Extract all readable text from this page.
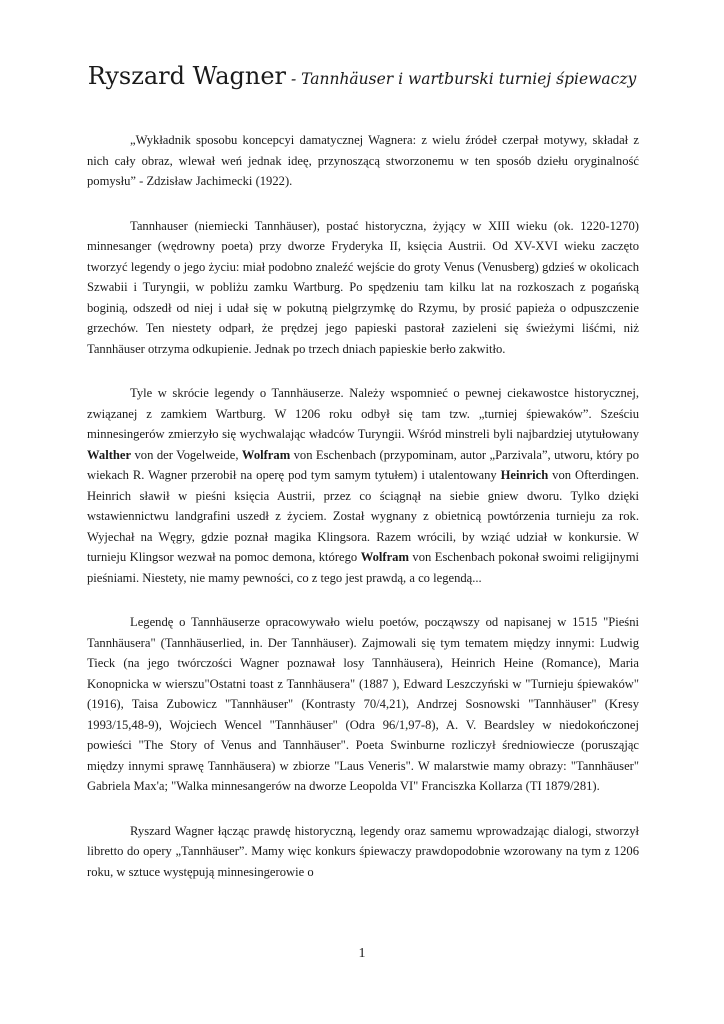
Ryszard Wagner - Tannhäuser i wartburski turniej śpiewaczy

„Wykładnik sposobu koncepcyi damatycznej Wagnera: z wielu źródeł czerpał motywy, składał z nich cały obraz, wlewał weń jednak ideę, przynoszącą stworzonemu w ten sposób dziełu oryginalność pomysłu” - Zdzisław Jachimecki (1922).

Tannhauser (niemiecki Tannhäuser), postać historyczna, żyjący w XIII wieku (ok. 1220-1270) minnesanger (wędrowny poeta) przy dworze Fryderyka II, księcia Austrii. Od XV-XVI wieku zaczęto tworzyć legendy o jego życiu: miał podobno znaleźć wejście do groty Venus (Venusberg) gdzieś w okolicach Szwabii i Turyngii, w pobliżu zamku Wartburg. Po spędzeniu tam kilku lat na rozkoszach z pogańską boginią, odszedł od niej i udał się w pokutną pielgrzymkę do Rzymu, by prosić papieża o odpuszczenie grzechów. Ten niestety odparł, że prędzej jego papieski pastorał zazieleni się świeżymi liśćmi, niż Tannhäuser otrzyma odkupienie. Jednak po trzech dniach papieskie berło zakwitło.

Tyle w skrócie legendy o Tannhäuserze. Należy wspomnieć o pewnej ciekawostce historycznej, związanej z zamkiem Wartburg. W 1206 roku odbył się tam tzw. „turniej śpiewaków”. Sześciu minnesingerów zmierzyło się wychwalając władców Turyngii. Wśród minstreli byli najbardziej utytułowany Walther von der Vogelweide, Wolfram von Eschenbach (przypominam, autor „Parzivala”, utworu, który po wiekach R. Wagner przerobił na operę pod tym samym tytułem) i utalentowany Heinrich von Ofterdingen. Heinrich sławił w pieśni księcia Austrii, przez co ściągnął na siebie gniew dworu. Tylko dzięki wstawiennictwu landgrafini uszedł z życiem. Został wygnany z obietnicą powtórzenia turnieju za rok. Wyjechał na Węgry, gdzie poznał magika Klingsora. Razem wrócili, by wziąć udział w konkursie. W turnieju Klingsor wezwał na pomoc demona, którego Wolfram von Eschenbach pokonał swoimi religijnymi pieśniami. Niestety, nie mamy pewności, co z tego jest prawdą, a co legendą...

Legendę o Tannhäuserze opracowywało wielu poetów, począwszy od napisanej w 1515 "Pieśni Tannhäusera" (Tannhäuserlied, in. Der Tannhäuser). Zajmowali się tym tematem między innymi: Ludwig Tieck (na jego twórczości Wagner poznawał losy Tannhäusera), Heinrich Heine (Romance), Maria Konopnicka w wierszu"Ostatni toast z Tannhäusera" (1887 ), Edward Leszczyński w "Turnieju śpiewaków" (1916), Taisa Zubowicz "Tannhäuser" (Kontrasty 70/4,21), Andrzej Sosnowski "Tannhäuser" (Kresy 1993/15,48-9), Wojciech Wencel "Tannhäuser" (Odra 96/1,97-8), A. V. Beardsley w niedokończonej powieści "The Story of Venus and Tannhäuser". Poeta Swinburne rozliczył średniowiecze (porusząjąc między innymi sprawę Tannhäusera) w zbiorze "Laus Veneris". W malarstwie mamy obrazy: "Tannhäuser" Gabriela Max'a; "Walka minnesangerów na dworze Leopolda VI" Franciszka Kollarza (TI 1879/281).

Ryszard Wagner łącząc prawdę historyczną, legendy oraz samemu wprowadzając dialogi, stworzył libretto do opery „Tannhäuser”. Mamy więc konkurs śpiewaczy prawdopodobnie wzorowany na tym z 1206 roku, w sztuce występują minnesingerowie o

1
